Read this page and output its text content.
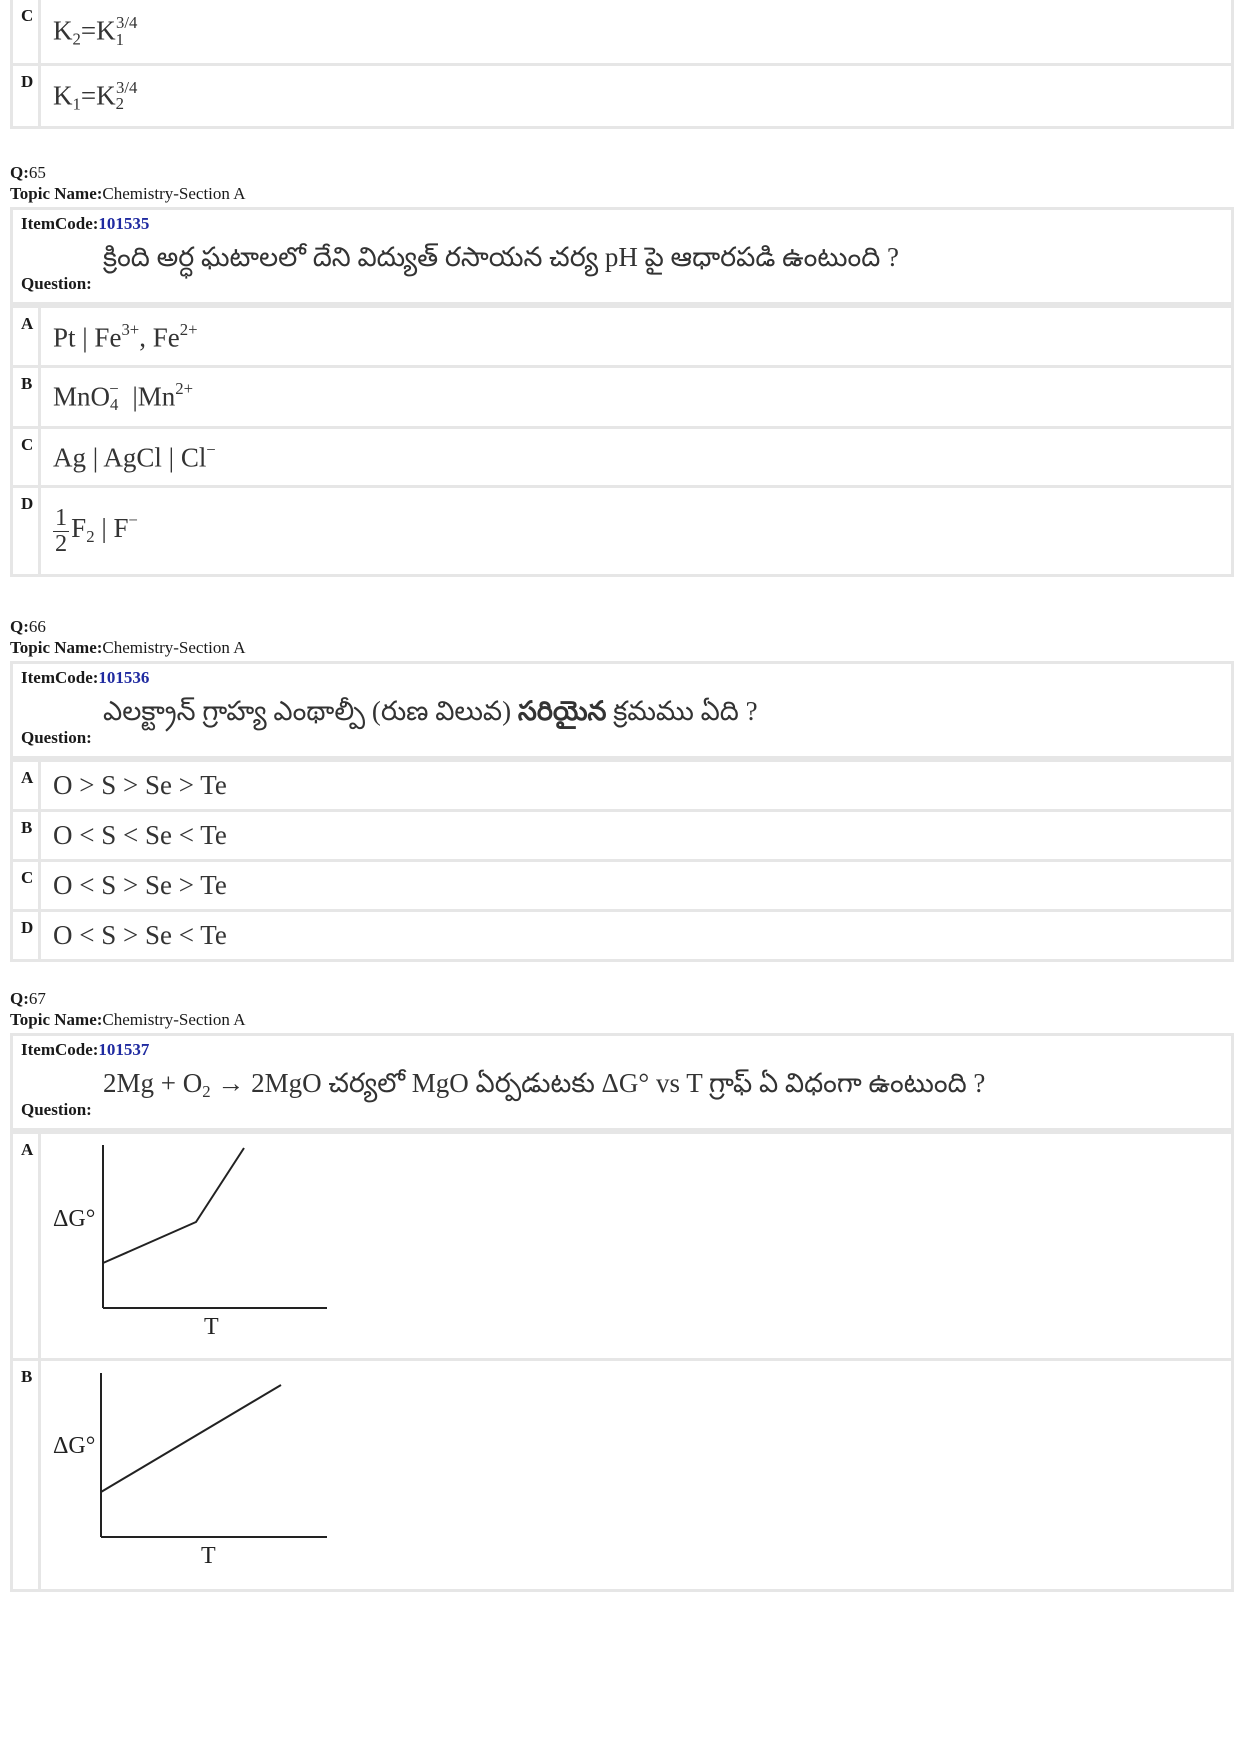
C
$K_2=K_1^{3/4}$
D $K_1=K_2^{3/4}$
Q:65
Topic Name:Chemistry-Section A
ItemCode:101535
క్రింది అర్ధ ఘటాలలో దేని విద్యుత్ రసాయన చర్య pH పై ఆధారపడి ఉంటుంది ?
Question:
A Pt | $Fe^{3+}$, $Fe^{2+}$
B MnO$_4$−  $|Mn^{2+}$
C Ag | AgCl | Cl−
D
$\frac{1}{2} F_2$ | F−
Q:66
Topic Name:Chemistry-Section A
ItemCode:101536
ఎలక్ట్రాన్ గ్రాహ్య ఎంథాల్పీ (రుణ విలువ) సరియైన క్రమము ఏది ?
Question:
A O > S > Se > Te
B O < S < Se < Te
C O < S > Se > Te
D O < S > Se < Te
Q:67
Topic Name:Chemistry-Section A
ItemCode:101537
$2Mg + O_2 \to 2MgO$ చర్యలో MgO ఏర్పడుటకు ΔG° vs T గ్రాఫ్ ఏ విధంగా ఉంటుంది ?
Question:
A
ΔG°
T
B
ΔG°
T
